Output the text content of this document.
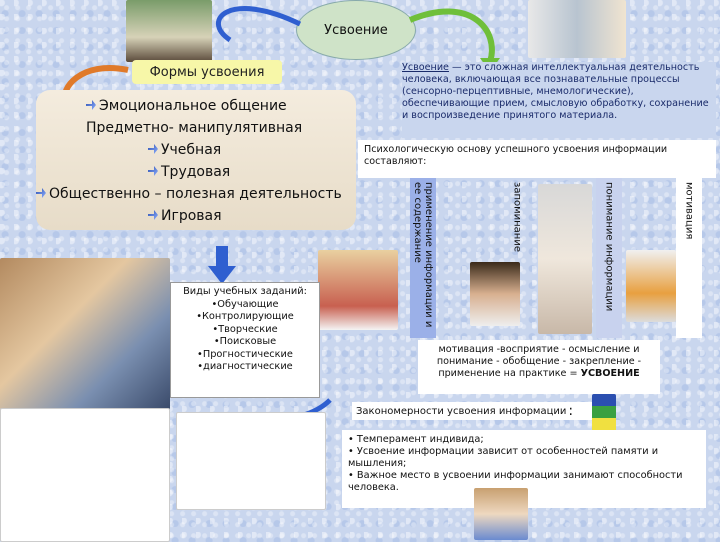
Усвоение
Формы усвоения
Эмоциональное общение
Предметно- манипулятивная
Учебная
Трудовая
Общественно – полезная деятельность
Игровая
Усвоение — это сложная интеллектуальная деятельность человека, включающая все познавательные процессы (сенсорно-перцептивные, мнемологические), обеспечивающие прием, смысловую обработку, сохранение и воспроизведение принятого материала.
Психологическую основу успешного усвоения информации составляют:
применение информации и ее содержание	запоминание	понимание информации	мотивация
Виды учебных заданий:
•Обучающие
•Контролирующие
•Творческие
•Поисковые
•Прогностические
•диагностические
мотивация -восприятие - осмысление и понимание - обобщение - закрепление - применение на практике = УСВОЕНИЕ
Закономерности усвоения информации :
• Темперамент индивида;
• Усвоение информации зависит от особенностей памяти и мышления;
• Важное место в усвоении информации занимают способности человека.
